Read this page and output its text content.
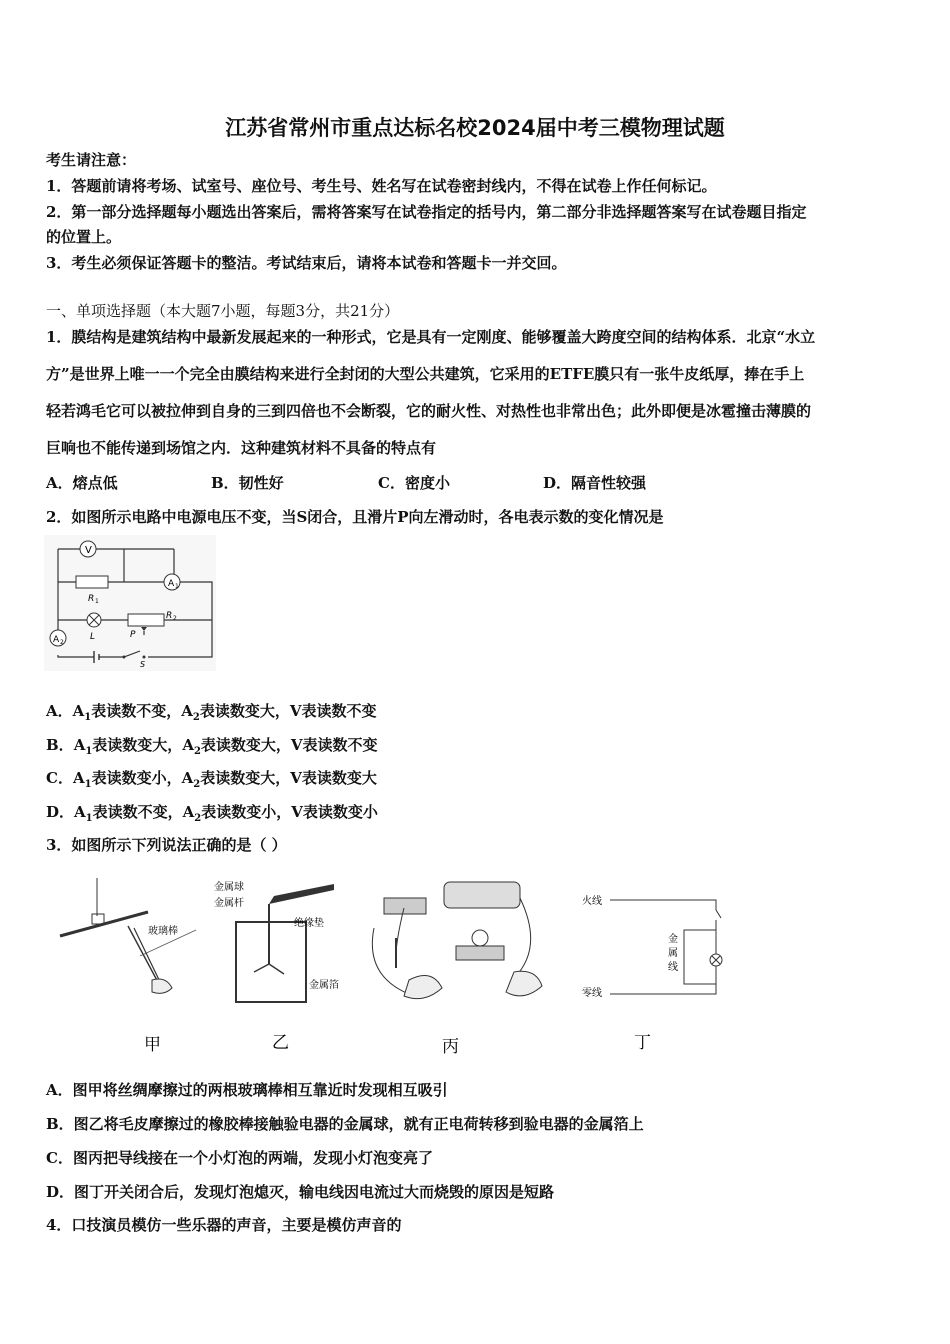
江苏省常州市重点达标名校2024届中考三模物理试题
考生请注意：
1．答题前请将考场、试室号、座位号、考生号、姓名写在试卷密封线内，不得在试卷上作任何标记。
2．第一部分选择题每小题选出答案后，需将答案写在试卷指定的括号内，第二部分非选择题答案写在试卷题目指定
的位置上。
3．考生必须保证答题卡的整洁。考试结束后，请将本试卷和答题卡一并交回。
一、单项选择题（本大题7小题，每题3分，共21分）
1．膜结构是建筑结构中最新发展起来的一种形式，它是具有一定刚度、能够覆盖大跨度空间的结构体系．北京“水立
方”是世界上唯一一个完全由膜结构来进行全封闭的大型公共建筑，它采用的ETFE膜只有一张牛皮纸厚，捧在手上
轻若鸿毛它可以被拉伸到自身的三到四倍也不会断裂，它的耐火性、对热性也非常出色；此外即便是冰雹撞击薄膜的
巨响也不能传递到场馆之内．这种建筑材料不具备的特点有
A．熔点低	B．韧性好	C．密度小	D．隔音性较强
2．如图所示电路中电源电压不变，当S闭合，且滑片P向左滑动时，各电表示数的变化情况是
V
R 1
A 1
L
R 2
P
A 2
S
A．$A_1$表读数不变，$A_2$表读数变大，V表读数不变
B．$A_1$表读数变大，$A_2$表读数变大，V表读数不变
C．$A_1$表读数变小，$A_2$表读数变大，V表读数变大
D．$A_1$表读数不变，$A_2$表读数变小，V表读数变小
3．如图所示下列说法正确的是（ ）
玻璃棒
甲
金属球
金属杆
绝缘垫
金属箔
乙	丙
火线
零线
金
属
线
丁
A．图甲将丝绸摩擦过的两根玻璃棒相互靠近时发现相互吸引
B．图乙将毛皮摩擦过的橡胶棒接触验电器的金属球，就有正电荷转移到验电器的金属箔上
C．图丙把导线接在一个小灯泡的两端，发现小灯泡变亮了
D．图丁开关闭合后，发现灯泡熄灭，输电线因电流过大而烧毁的原因是短路
4．口技演员模仿一些乐器的声音，主要是模仿声音的
